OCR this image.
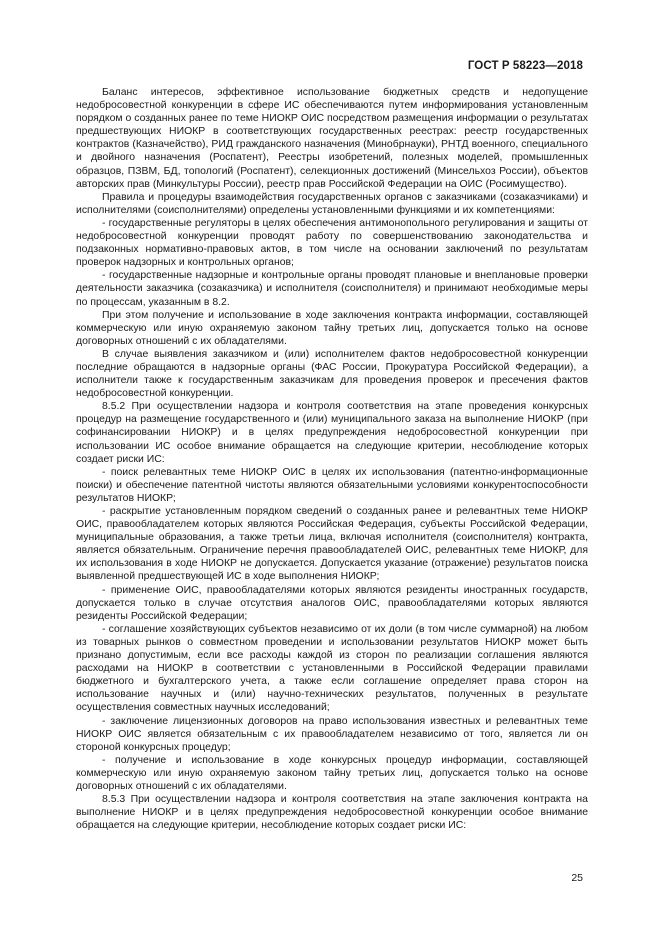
ГОСТ Р 58223—2018

Баланс интересов, эффективное использование бюджетных средств и недопущение недобросовестной конкуренции в сфере ИС обеспечиваются путем информирования установленным порядком о созданных ранее по теме НИОКР ОИС посредством размещения информации о результатах предшествующих НИОКР в соответствующих государственных реестрах: реестр государственных контрактов (Казначейство), РИД гражданского назначения (Минобрнауки), РНТД военного, специального и двойного назначения (Роспатент), Реестры изобретений, полезных моделей, промышленных образцов, ПЗВМ, БД, топологий (Роспатент), селекционных достижений (Минсельхоз России), объектов авторских прав (Минкультуры России), реестр прав Российской Федерации на ОИС (Росимущество).

Правила и процедуры взаимодействия государственных органов с заказчиками (созаказчиками) и исполнителями (соисполнителями) определены установленными функциями и их компетенциями:

- государственные регуляторы в целях обеспечения антимонопольного регулирования и защиты от недобросовестной конкуренции проводят работу по совершенствованию законодательства и подзаконных нормативно-правовых актов, в том числе на основании заключений по результатам проверок надзорных и контрольных органов;

- государственные надзорные и контрольные органы проводят плановые и внеплановые проверки деятельности заказчика (созаказчика) и исполнителя (соисполнителя) и принимают необходимые меры по процессам, указанным в 8.2.

При этом получение и использование в ходе заключения контракта информации, составляющей коммерческую или иную охраняемую законом тайну третьих лиц, допускается только на основе договорных отношений с их обладателями.

В случае выявления заказчиком и (или) исполнителем фактов недобросовестной конкуренции последние обращаются в надзорные органы (ФАС России, Прокуратура Российской Федерации), а исполнители также к государственным заказчикам для проведения проверок и пресечения фактов недобросовестной конкуренции.

8.5.2 При осуществлении надзора и контроля соответствия на этапе проведения конкурсных процедур на размещение государственного и (или) муниципального заказа на выполнение НИОКР (при софинансировании НИОКР) и в целях предупреждения недобросовестной конкуренции при использовании ИС особое внимание обращается на следующие критерии, несоблюдение которых создает риски ИС:

- поиск релевантных теме НИОКР ОИС в целях их использования (патентно-информационные поиски) и обеспечение патентной чистоты являются обязательными условиями конкурентоспособности результатов НИОКР;

- раскрытие установленным порядком сведений о созданных ранее и релевантных теме НИОКР ОИС, правообладателем которых являются Российская Федерация, субъекты Российской Федерации, муниципальные образования, а также третьи лица, включая исполнителя (соисполнителя) контракта, является обязательным. Ограничение перечня правообладателей ОИС, релевантных теме НИОКР, для их использования в ходе НИОКР не допускается. Допускается указание (отражение) результатов поиска выявленной предшествующей ИС в ходе выполнения НИОКР;

- применение ОИС, правообладателями которых являются резиденты иностранных государств, допускается только в случае отсутствия аналогов ОИС, правообладателями которых являются резиденты Российской Федерации;

- соглашение хозяйствующих субъектов независимо от их доли (в том числе суммарной) на любом из товарных рынков о совместном проведении и использовании результатов НИОКР может быть признано допустимым, если все расходы каждой из сторон по реализации соглашения являются расходами на НИОКР в соответствии с установленными в Российской Федерации правилами бюджетного и бухгалтерского учета, а также если соглашение определяет права сторон на использование научных и (или) научно-технических результатов, полученных в результате осуществления совместных научных исследований;

- заключение лицензионных договоров на право использования известных и релевантных теме НИОКР ОИС является обязательным с их правообладателем независимо от того, является ли он стороной конкурсных процедур;

- получение и использование в ходе конкурсных процедур информации, составляющей коммерческую или иную охраняемую законом тайну третьих лиц, допускается только на основе договорных отношений с их обладателями.

8.5.3 При осуществлении надзора и контроля соответствия на этапе заключения контракта на выполнение НИОКР и в целях предупреждения недобросовестной конкуренции особое внимание обращается на следующие критерии, несоблюдение которых создает риски ИС:

25
